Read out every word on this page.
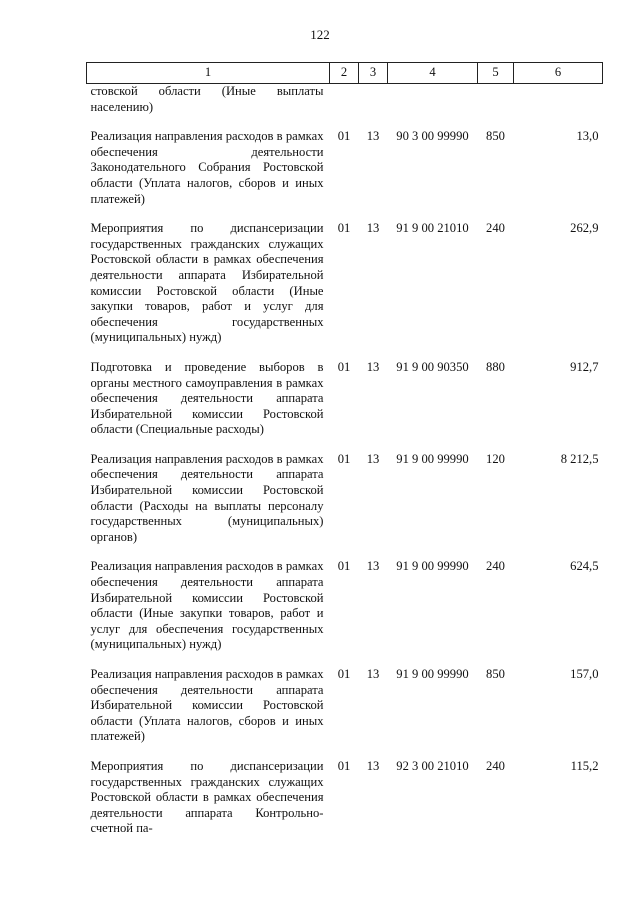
122
1	2	3	4	5	6
стовской области (Иные выплаты населению)					
Реализация направления расходов в рамках обеспечения деятельности Законодательного Собрания Ростовской области (Уплата налогов, сборов и иных платежей)	01	13	90 3 00 99990	850	13,0
Мероприятия по диспансеризации государственных гражданских служащих Ростовской области в рамках обеспечения деятельности аппарата Избирательной комиссии Ростовской области (Иные закупки товаров, работ и услуг для обеспечения государственных (муниципальных) нужд)	01	13	91 9 00 21010	240	262,9
Подготовка и проведение выборов в органы местного самоуправления в рамках обеспечения деятельности аппарата Избирательной комиссии Ростовской области (Специальные расходы)	01	13	91 9 00 90350	880	912,7
Реализация направления расходов в рамках обеспечения деятельности аппарата Избирательной комиссии Ростовской области (Расходы на выплаты персоналу государственных (муниципальных) органов)	01	13	91 9 00 99990	120	8 212,5
Реализация направления расходов в рамках обеспечения деятельности аппарата Избирательной комиссии Ростовской области (Иные закупки товаров, работ и услуг для обеспечения государственных (муниципальных) нужд)	01	13	91 9 00 99990	240	624,5
Реализация направления расходов в рамках обеспечения деятельности аппарата Избирательной комиссии Ростовской области (Уплата налогов, сборов и иных платежей)	01	13	91 9 00 99990	850	157,0
Мероприятия по диспансеризации государственных гражданских служащих Ростовской области в рамках обеспечения деятельности аппарата Контрольно-счетной па-	01	13	92 3 00 21010	240	115,2
